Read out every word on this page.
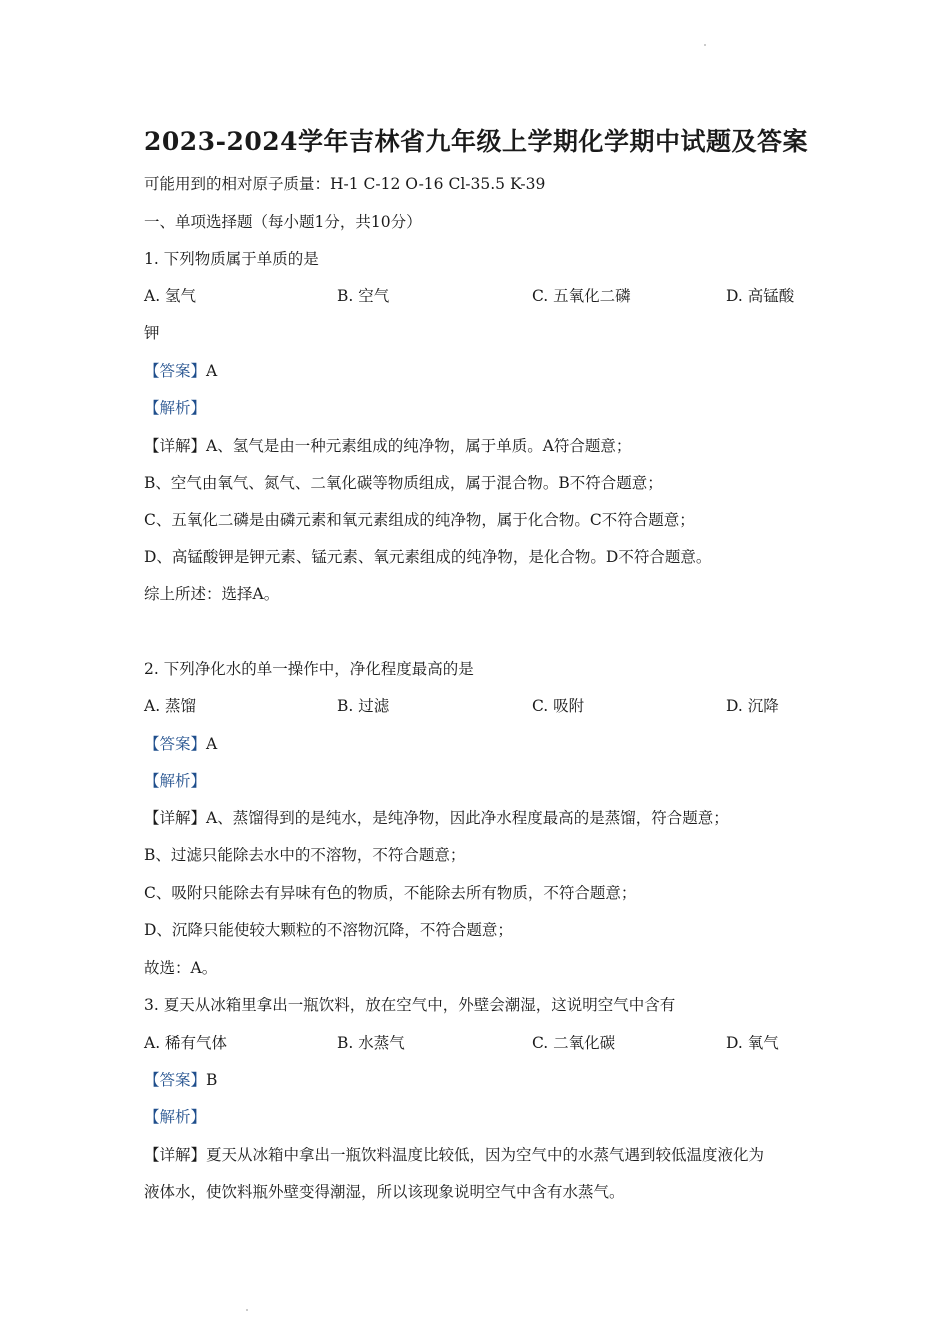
2023-2024学年吉林省九年级上学期化学期中试题及答案
可能用到的相对原子质量：H-1 C-12 O-16 Cl-35.5 K-39
一、单项选择题（每小题1分，共10分）
1. 下列物质属于单质的是
A. 氢气	B. 空气	C. 五氧化二磷	D. 高锰酸
钾
【答案】A
【解析】
【详解】A、氢气是由一种元素组成的纯净物，属于单质。A符合题意；
B、空气由氧气、氮气、二氧化碳等物质组成，属于混合物。B不符合题意；
C、五氧化二磷是由磷元素和氧元素组成的纯净物，属于化合物。C不符合题意；
D、高锰酸钾是钾元素、锰元素、氧元素组成的纯净物，是化合物。D不符合题意。
综上所述：选择A。
2. 下列净化水的单一操作中，净化程度最高的是
A. 蒸馏	B. 过滤	C. 吸附	D. 沉降
【答案】A
【解析】
【详解】A、蒸馏得到的是纯水，是纯净物，因此净水程度最高的是蒸馏，符合题意；
B、过滤只能除去水中的不溶物，不符合题意；
C、吸附只能除去有异味有色的物质，不能除去所有物质，不符合题意；
D、沉降只能使较大颗粒的不溶物沉降，不符合题意；
故选：A。
3. 夏天从冰箱里拿出一瓶饮料，放在空气中，外壁会潮湿，这说明空气中含有
A. 稀有气体	B. 水蒸气	C. 二氧化碳	D. 氧气
【答案】B
【解析】
【详解】夏天从冰箱中拿出一瓶饮料温度比较低，因为空气中的水蒸气遇到较低温度液化为
液体水，使饮料瓶外壁变得潮湿，所以该现象说明空气中含有水蒸气。
